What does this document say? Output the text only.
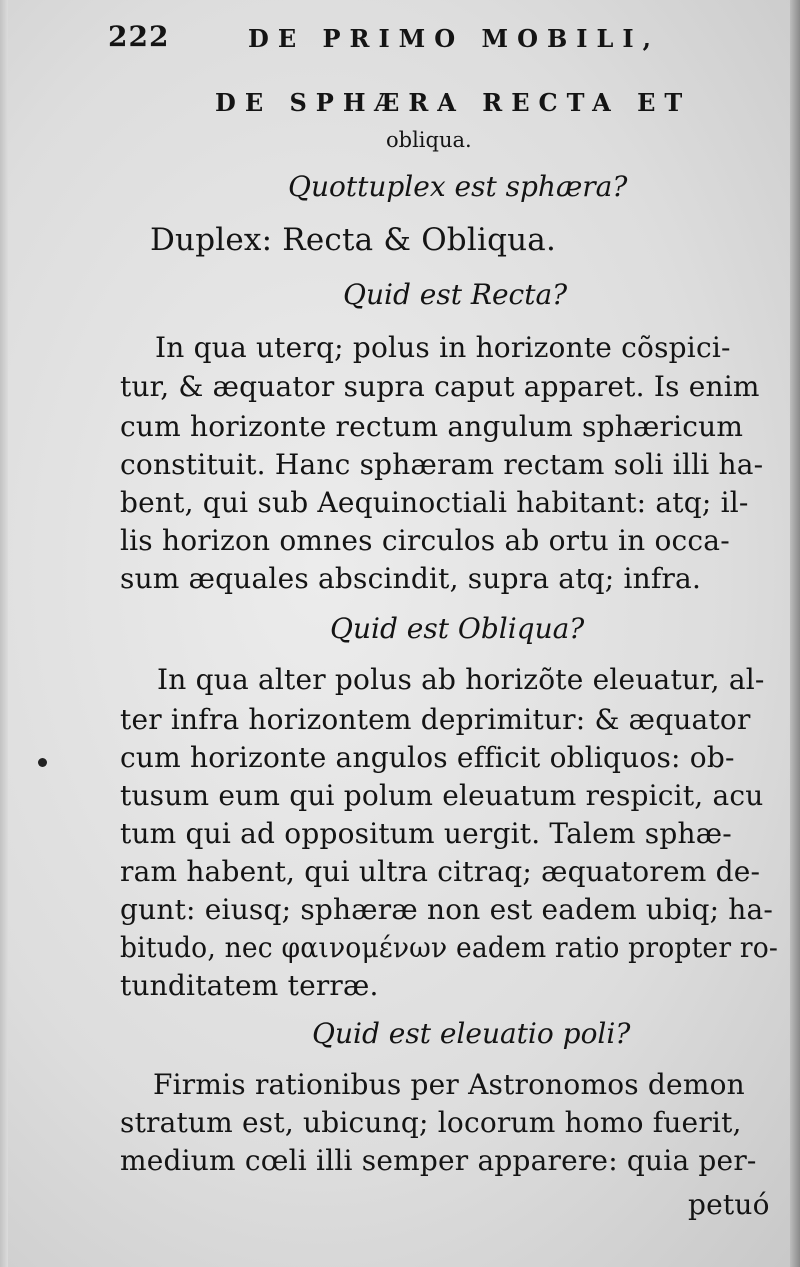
222	DE PRIMO MOBILI,

DE SPHÆRA RECTA ET

obliqua.

Quottuplex est sphæra?

Duplex: Recta & Obliqua.

Quid est Recta?

In qua uterq; polus in horizonte cõspici-

tur, & æquator supra caput apparet. Is enim

cum horizonte rectum angulum sphæricum

constituit. Hanc sphæram rectam soli illi ha-

bent, qui sub Aequinoctiali habitant: atq; il-

lis horizon omnes circulos ab ortu in occa-

sum æquales abscindit, supra atq; infra.

Quid est Obliqua?

In qua alter polus ab horizõte eleuatur, al-

ter infra horizontem deprimitur: & æquator

cum horizonte angulos efficit obliquos: ob-

tusum eum qui polum eleuatum respicit, acu

tum qui ad oppositum uergit. Talem sphæ-

ram habent, qui ultra citraq; æquatorem de-

gunt: eiusq; sphæræ non est eadem ubiq; ha-

bitudo, nec φαινομένων eadem ratio propter ro-

tunditatem terræ.

Quid est eleuatio poli?

Firmis rationibus per Astronomos demon

stratum est, ubicunq; locorum homo fuerit,

medium cœli illi semper apparere: quia per-

petuó
